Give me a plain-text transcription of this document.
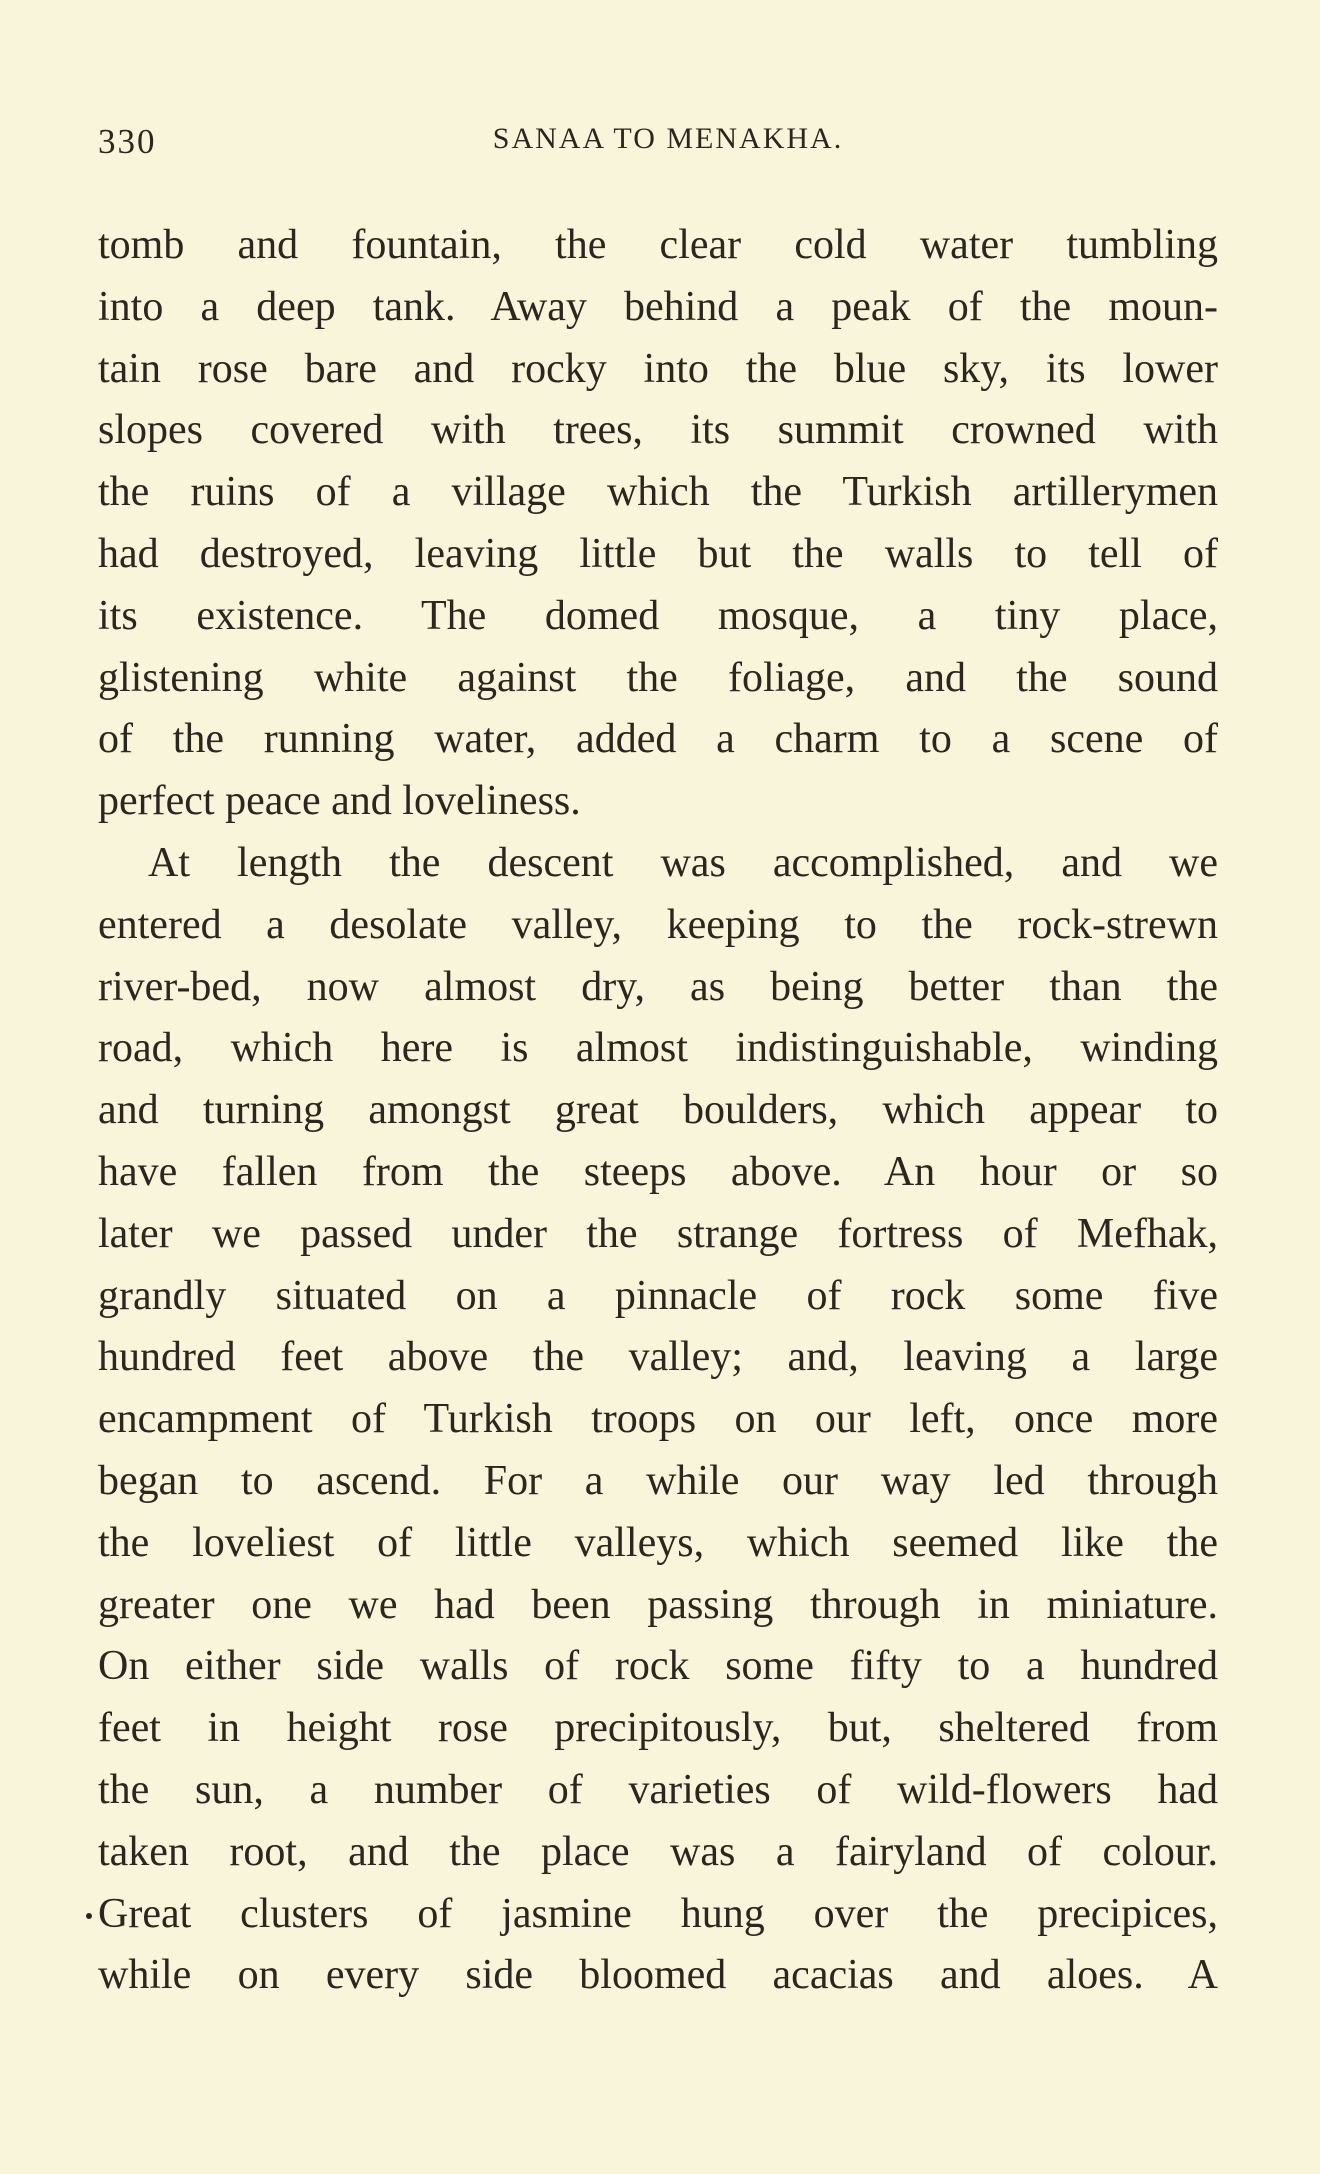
330	SANAA TO MENAKHA.
tomb and fountain, the clear cold water tumbling
into a deep tank. Away behind a peak of the moun-
tain rose bare and rocky into the blue sky, its lower
slopes covered with trees, its summit crowned with
the ruins of a village which the Turkish artillerymen
had destroyed, leaving little but the walls to tell of
its existence. The domed mosque, a tiny place,
glistening white against the foliage, and the sound
of the running water, added a charm to a scene of
perfect peace and loveliness.
At length the descent was accomplished, and we
entered a desolate valley, keeping to the rock-strewn
river-bed, now almost dry, as being better than the
road, which here is almost indistinguishable, winding
and turning amongst great boulders, which appear to
have fallen from the steeps above. An hour or so
later we passed under the strange fortress of Mefhak,
grandly situated on a pinnacle of rock some five
hundred feet above the valley; and, leaving a large
encampment of Turkish troops on our left, once more
began to ascend. For a while our way led through
the loveliest of little valleys, which seemed like the
greater one we had been passing through in miniature.
On either side walls of rock some fifty to a hundred
feet in height rose precipitously, but, sheltered from
the sun, a number of varieties of wild-flowers had
taken root, and the place was a fairyland of colour.
Great clusters of jasmine hung over the precipices,
while on every side bloomed acacias and aloes. A
